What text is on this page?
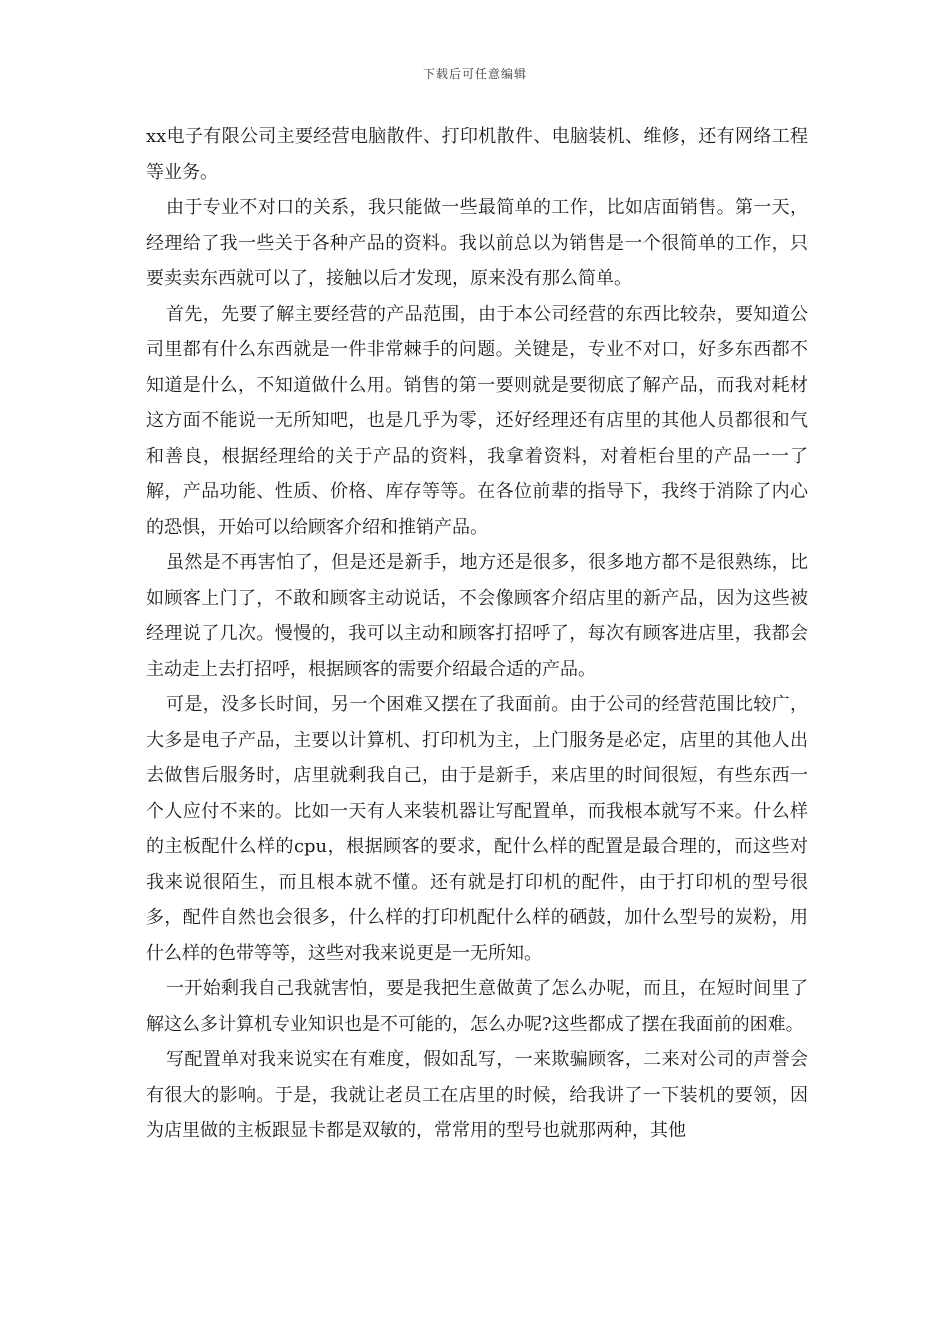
下载后可任意编辑

xx电子有限公司主要经营电脑散件、打印机散件、电脑装机、维修，还有网络工程等业务。

由于专业不对口的关系，我只能做一些最简单的工作，比如店面销售。第一天，经理给了我一些关于各种产品的资料。我以前总以为销售是一个很简单的工作，只要卖卖东西就可以了，接触以后才发现，原来没有那么简单。

首先，先要了解主要经营的产品范围，由于本公司经营的东西比较杂，要知道公司里都有什么东西就是一件非常棘手的问题。关键是，专业不对口，好多东西都不知道是什么，不知道做什么用。销售的第一要则就是要彻底了解产品，而我对耗材这方面不能说一无所知吧，也是几乎为零，还好经理还有店里的其他人员都很和气和善良，根据经理给的关于产品的资料，我拿着资料，对着柜台里的产品一一了解，产品功能、性质、价格、库存等等。在各位前辈的指导下，我终于消除了内心的恐惧，开始可以给顾客介绍和推销产品。

虽然是不再害怕了，但是还是新手，地方还是很多，很多地方都不是很熟练，比如顾客上门了，不敢和顾客主动说话，不会像顾客介绍店里的新产品，因为这些被经理说了几次。慢慢的，我可以主动和顾客打招呼了，每次有顾客进店里，我都会主动走上去打招呼，根据顾客的需要介绍最合适的产品。

可是，没多长时间，另一个困难又摆在了我面前。由于公司的经营范围比较广，大多是电子产品，主要以计算机、打印机为主，上门服务是必定，店里的其他人出去做售后服务时，店里就剩我自己，由于是新手，来店里的时间很短，有些东西一个人应付不来的。比如一天有人来装机器让写配置单，而我根本就写不来。什么样的主板配什么样的cpu，根据顾客的要求，配什么样的配置是最合理的，而这些对我来说很陌生，而且根本就不懂。还有就是打印机的配件，由于打印机的型号很多，配件自然也会很多，什么样的打印机配什么样的硒鼓，加什么型号的炭粉，用什么样的色带等等，这些对我来说更是一无所知。

一开始剩我自己我就害怕，要是我把生意做黄了怎么办呢，而且，在短时间里了解这么多计算机专业知识也是不可能的，怎么办呢?这些都成了摆在我面前的困难。

写配置单对我来说实在有难度，假如乱写，一来欺骗顾客，二来对公司的声誉会有很大的影响。于是，我就让老员工在店里的时候，给我讲了一下装机的要领，因为店里做的主板跟显卡都是双敏的，常常用的型号也就那两种，其他
